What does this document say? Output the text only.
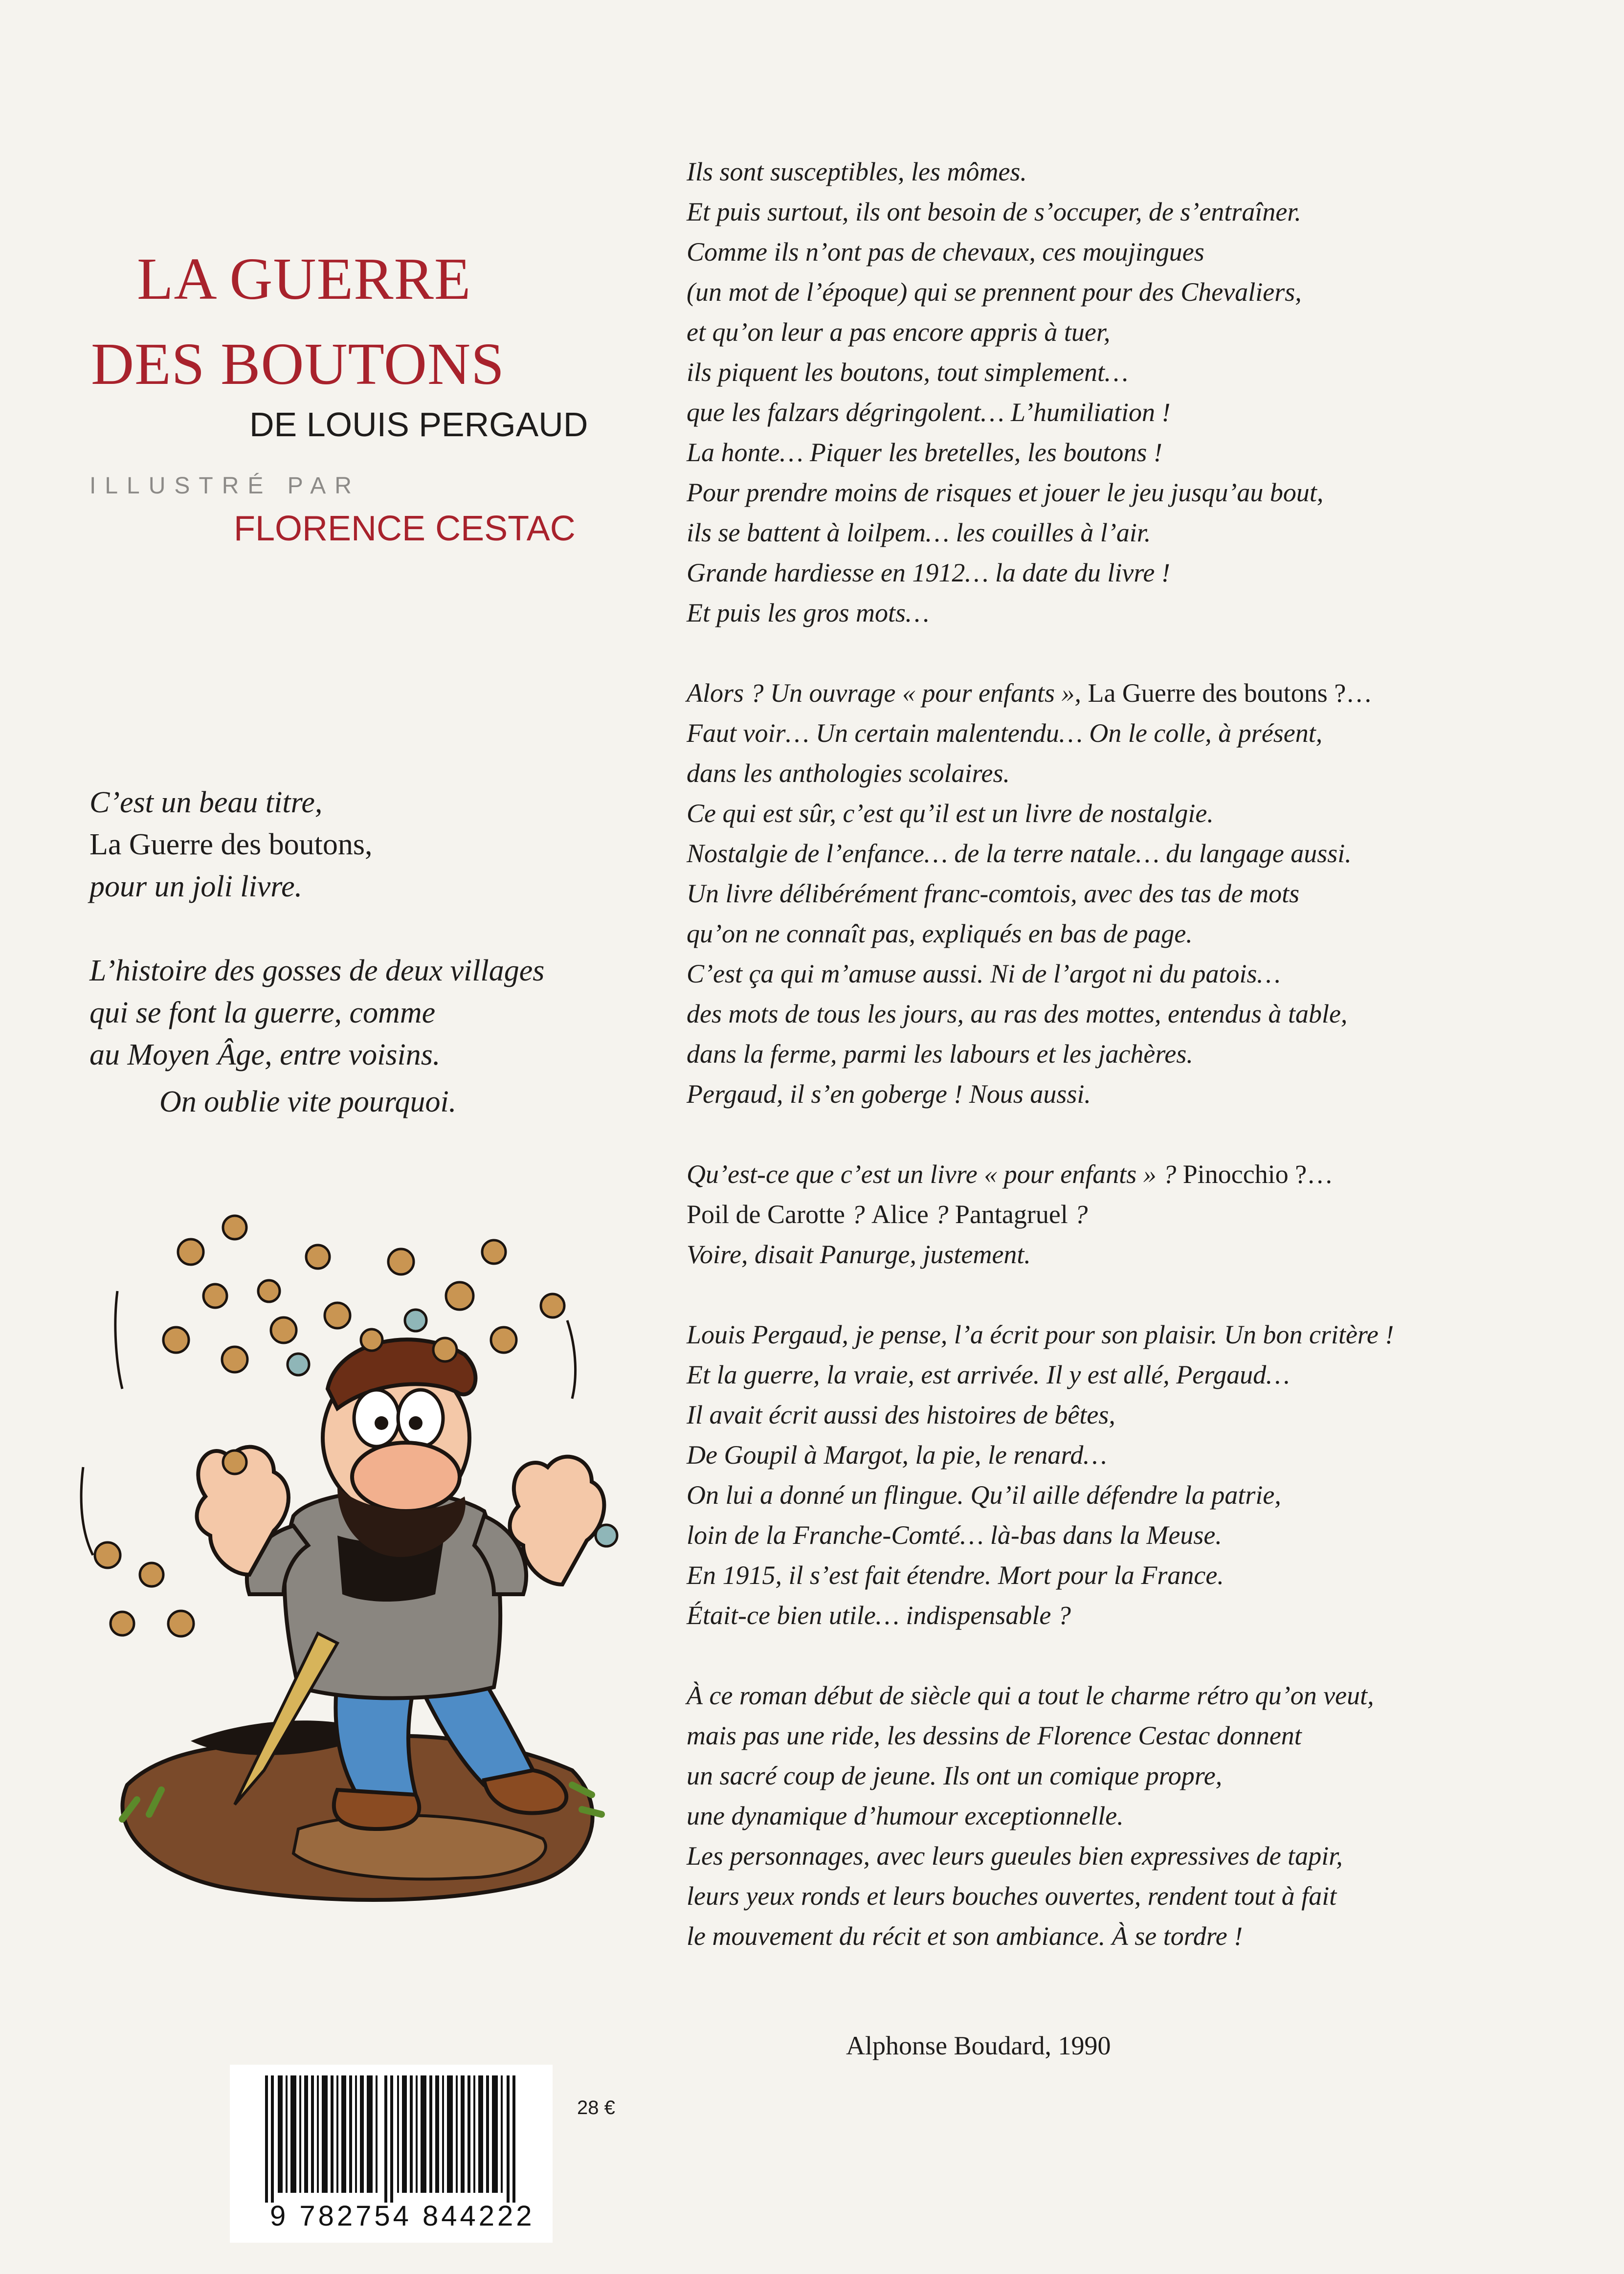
LA GUERRE
DES BOUTONS
DE LOUIS PERGAUD
ILLUSTRÉ PAR
FLORENCE CESTAC
C’est un beau titre,
La Guerre des boutons,
pour un joli livre.
L’histoire des gosses de deux villages
qui se font la guerre, comme
au Moyen Âge, entre voisins.
On oublie vite pourquoi.
Ils sont susceptibles, les mômes.
Et puis surtout, ils ont besoin de s’occuper, de s’entraîner.
Comme ils n’ont pas de chevaux, ces moujingues
(un mot de l’époque) qui se prennent pour des Chevaliers,
et qu’on leur a pas encore appris à tuer,
ils piquent les boutons, tout simplement…
que les falzars dégringolent… L’humiliation !
La honte… Piquer les bretelles, les boutons !
Pour prendre moins de risques et jouer le jeu jusqu’au bout,
ils se battent à loilpem… les couilles à l’air.
Grande hardiesse en 1912… la date du livre !
Et puis les gros mots…
Alors ? Un ouvrage « pour enfants », La Guerre des boutons ?…
Faut voir… Un certain malentendu… On le colle, à présent,
dans les anthologies scolaires.
Ce qui est sûr, c’est qu’il est un livre de nostalgie.
Nostalgie de l’enfance… de la terre natale… du langage aussi.
Un livre délibérément franc-comtois, avec des tas de mots
qu’on ne connaît pas, expliqués en bas de page.
C’est ça qui m’amuse aussi. Ni de l’argot ni du patois…
des mots de tous les jours, au ras des mottes, entendus à table,
dans la ferme, parmi les labours et les jachères.
Pergaud, il s’en goberge ! Nous aussi.
Qu’est-ce que c’est un livre « pour enfants » ? Pinocchio ?…
Poil de Carotte ? Alice ? Pantagruel ?
Voire, disait Panurge, justement.
Louis Pergaud, je pense, l’a écrit pour son plaisir. Un bon critère !
Et la guerre, la vraie, est arrivée. Il y est allé, Pergaud…
Il avait écrit aussi des histoires de bêtes,
De Goupil à Margot, la pie, le renard…
On lui a donné un flingue. Qu’il aille défendre la patrie,
loin de la Franche-Comté… là-bas dans la Meuse.
En 1915, il s’est fait étendre. Mort pour la France.
Était-ce bien utile… indispensable ?
À ce roman début de siècle qui a tout le charme rétro qu’on veut,
mais pas une ride, les dessins de Florence Cestac donnent
un sacré coup de jeune. Ils ont un comique propre,
une dynamique d’humour exceptionnelle.
Les personnages, avec leurs gueules bien expressives de tapir,
leurs yeux ronds et leurs bouches ouvertes, rendent tout à fait
le mouvement du récit et son ambiance. À se tordre !
Alphonse Boudard, 1990
9 782754 844222
28 €
